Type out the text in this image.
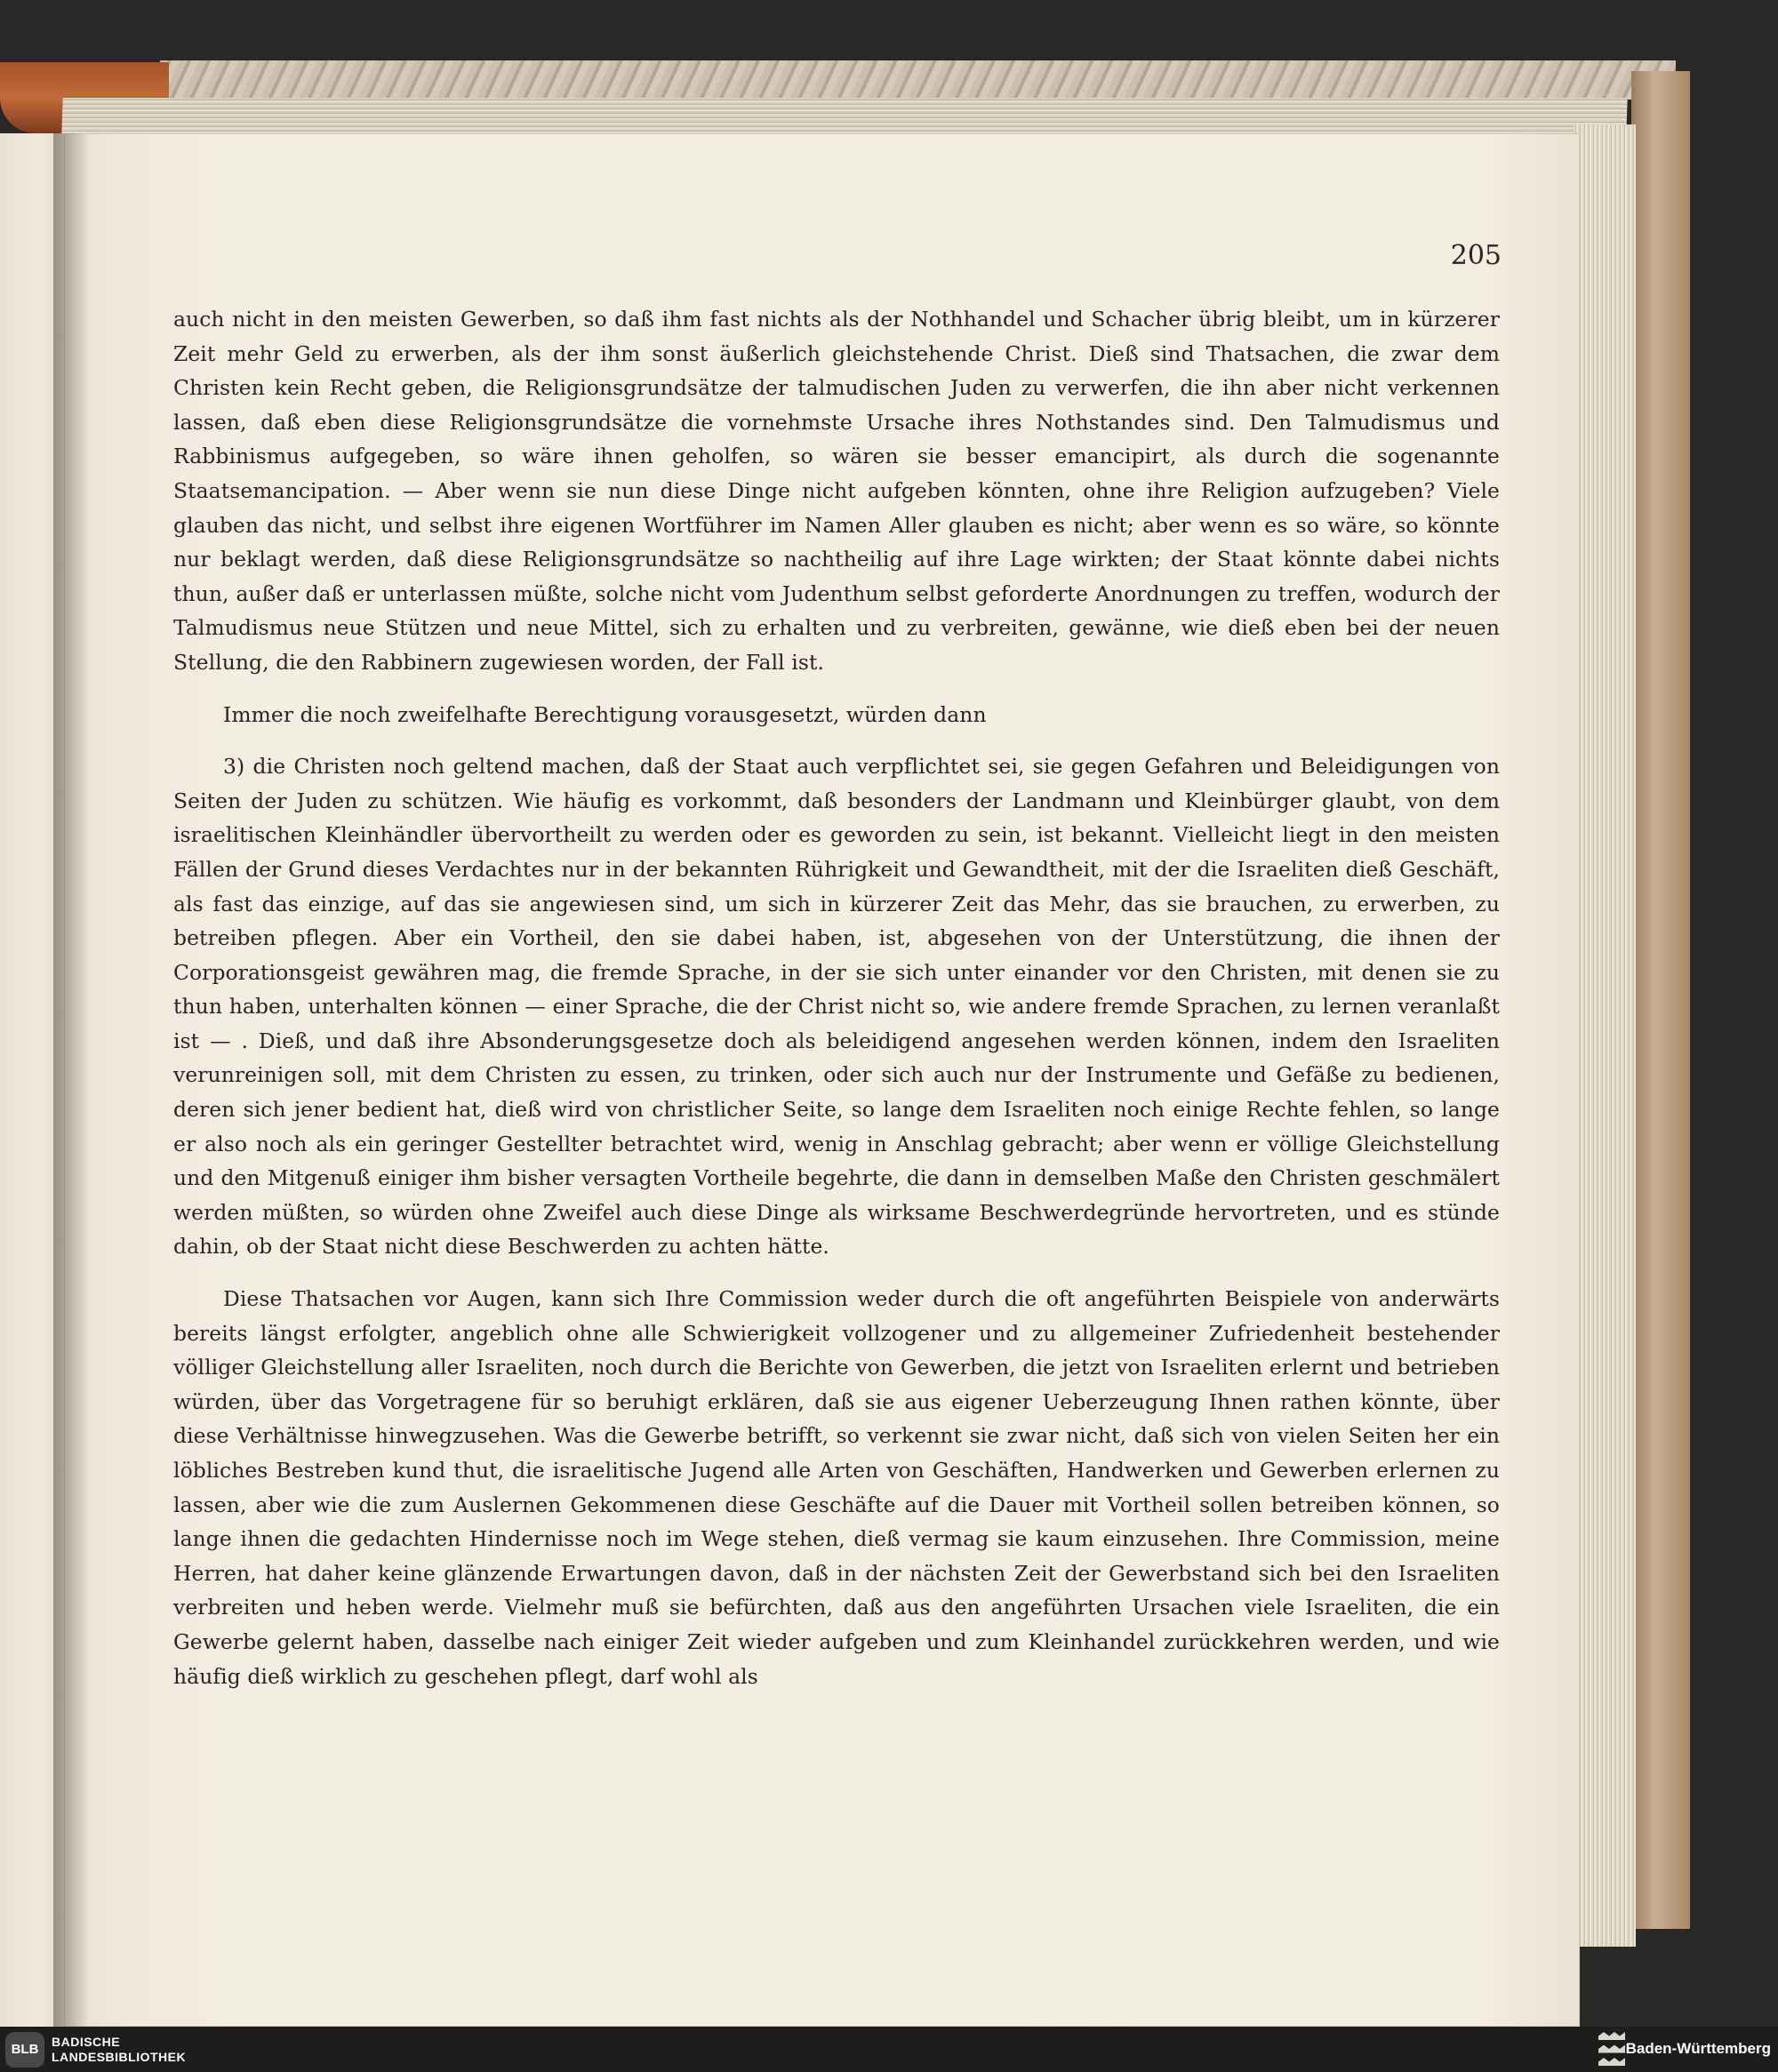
205

auch nicht in den meisten Gewerben, so daß ihm fast nichts als der Nothhandel und Schacher übrig bleibt, um in kürzerer Zeit mehr Geld zu erwerben, als der ihm sonst äußerlich gleichstehende Christ. Dieß sind Thatsachen, die zwar dem Christen kein Recht geben, die Religionsgrundsätze der talmudischen Juden zu verwerfen, die ihn aber nicht verkennen lassen, daß eben diese Religionsgrundsätze die vornehmste Ursache ihres Nothstandes sind. Den Talmudismus und Rabbinismus aufgegeben, so wäre ihnen geholfen, so wären sie besser emancipirt, als durch die sogenannte Staatsemancipation. — Aber wenn sie nun diese Dinge nicht aufgeben könnten, ohne ihre Religion aufzugeben? Viele glauben das nicht, und selbst ihre eigenen Wortführer im Namen Aller glauben es nicht; aber wenn es so wäre, so könnte nur beklagt werden, daß diese Religionsgrundsätze so nachtheilig auf ihre Lage wirkten; der Staat könnte dabei nichts thun, außer daß er unterlassen müßte, solche nicht vom Judenthum selbst geforderte Anordnungen zu treffen, wodurch der Talmudismus neue Stützen und neue Mittel, sich zu erhalten und zu verbreiten, gewänne, wie dieß eben bei der neuen Stellung, die den Rabbinern zugewiesen worden, der Fall ist.

Immer die noch zweifelhafte Berechtigung vorausgesetzt, würden dann

3) die Christen noch geltend machen, daß der Staat auch verpflichtet sei, sie gegen Gefahren und Beleidigungen von Seiten der Juden zu schützen. Wie häufig es vorkommt, daß besonders der Landmann und Kleinbürger glaubt, von dem israelitischen Kleinhändler übervortheilt zu werden oder es geworden zu sein, ist bekannt. Vielleicht liegt in den meisten Fällen der Grund dieses Verdachtes nur in der bekannten Rührigkeit und Gewandtheit, mit der die Israeliten dieß Geschäft, als fast das einzige, auf das sie angewiesen sind, um sich in kürzerer Zeit das Mehr, das sie brauchen, zu erwerben, zu betreiben pflegen. Aber ein Vortheil, den sie dabei haben, ist, abgesehen von der Unterstützung, die ihnen der Corporationsgeist gewähren mag, die fremde Sprache, in der sie sich unter einander vor den Christen, mit denen sie zu thun haben, unterhalten können — einer Sprache, die der Christ nicht so, wie andere fremde Sprachen, zu lernen veranlaßt ist — . Dieß, und daß ihre Absonderungsgesetze doch als beleidigend angesehen werden können, indem den Israeliten verunreinigen soll, mit dem Christen zu essen, zu trinken, oder sich auch nur der Instrumente und Gefäße zu bedienen, deren sich jener bedient hat, dieß wird von christlicher Seite, so lange dem Israeliten noch einige Rechte fehlen, so lange er also noch als ein geringer Gestellter betrachtet wird, wenig in Anschlag gebracht; aber wenn er völlige Gleichstellung und den Mitgenuß einiger ihm bisher versagten Vortheile begehrte, die dann in demselben Maße den Christen geschmälert werden müßten, so würden ohne Zweifel auch diese Dinge als wirksame Beschwerdegründe hervortreten, und es stünde dahin, ob der Staat nicht diese Beschwerden zu achten hätte.

Diese Thatsachen vor Augen, kann sich Ihre Commission weder durch die oft angeführten Beispiele von anderwärts bereits längst erfolgter, angeblich ohne alle Schwierigkeit vollzogener und zu allgemeiner Zufriedenheit bestehender völliger Gleichstellung aller Israeliten, noch durch die Berichte von Gewerben, die jetzt von Israeliten erlernt und betrieben würden, über das Vorgetragene für so beruhigt erklären, daß sie aus eigener Ueberzeugung Ihnen rathen könnte, über diese Verhältnisse hinwegzusehen. Was die Gewerbe betrifft, so verkennt sie zwar nicht, daß sich von vielen Seiten her ein löbliches Bestreben kund thut, die israelitische Jugend alle Arten von Geschäften, Handwerken und Gewerben erlernen zu lassen, aber wie die zum Auslernen Gekommenen diese Geschäfte auf die Dauer mit Vortheil sollen betreiben können, so lange ihnen die gedachten Hindernisse noch im Wege stehen, dieß vermag sie kaum einzusehen. Ihre Commission, meine Herren, hat daher keine glänzende Erwartungen davon, daß in der nächsten Zeit der Gewerbstand sich bei den Israeliten verbreiten und heben werde. Vielmehr muß sie befürchten, daß aus den angeführten Ursachen viele Israeliten, die ein Gewerbe gelernt haben, dasselbe nach einiger Zeit wieder aufgeben und zum Kleinhandel zurückkehren werden, und wie häufig dieß wirklich zu geschehen pflegt, darf wohl als

BLB
BADISCHE
LANDESBIBLIOTHEK	Baden-Württemberg
